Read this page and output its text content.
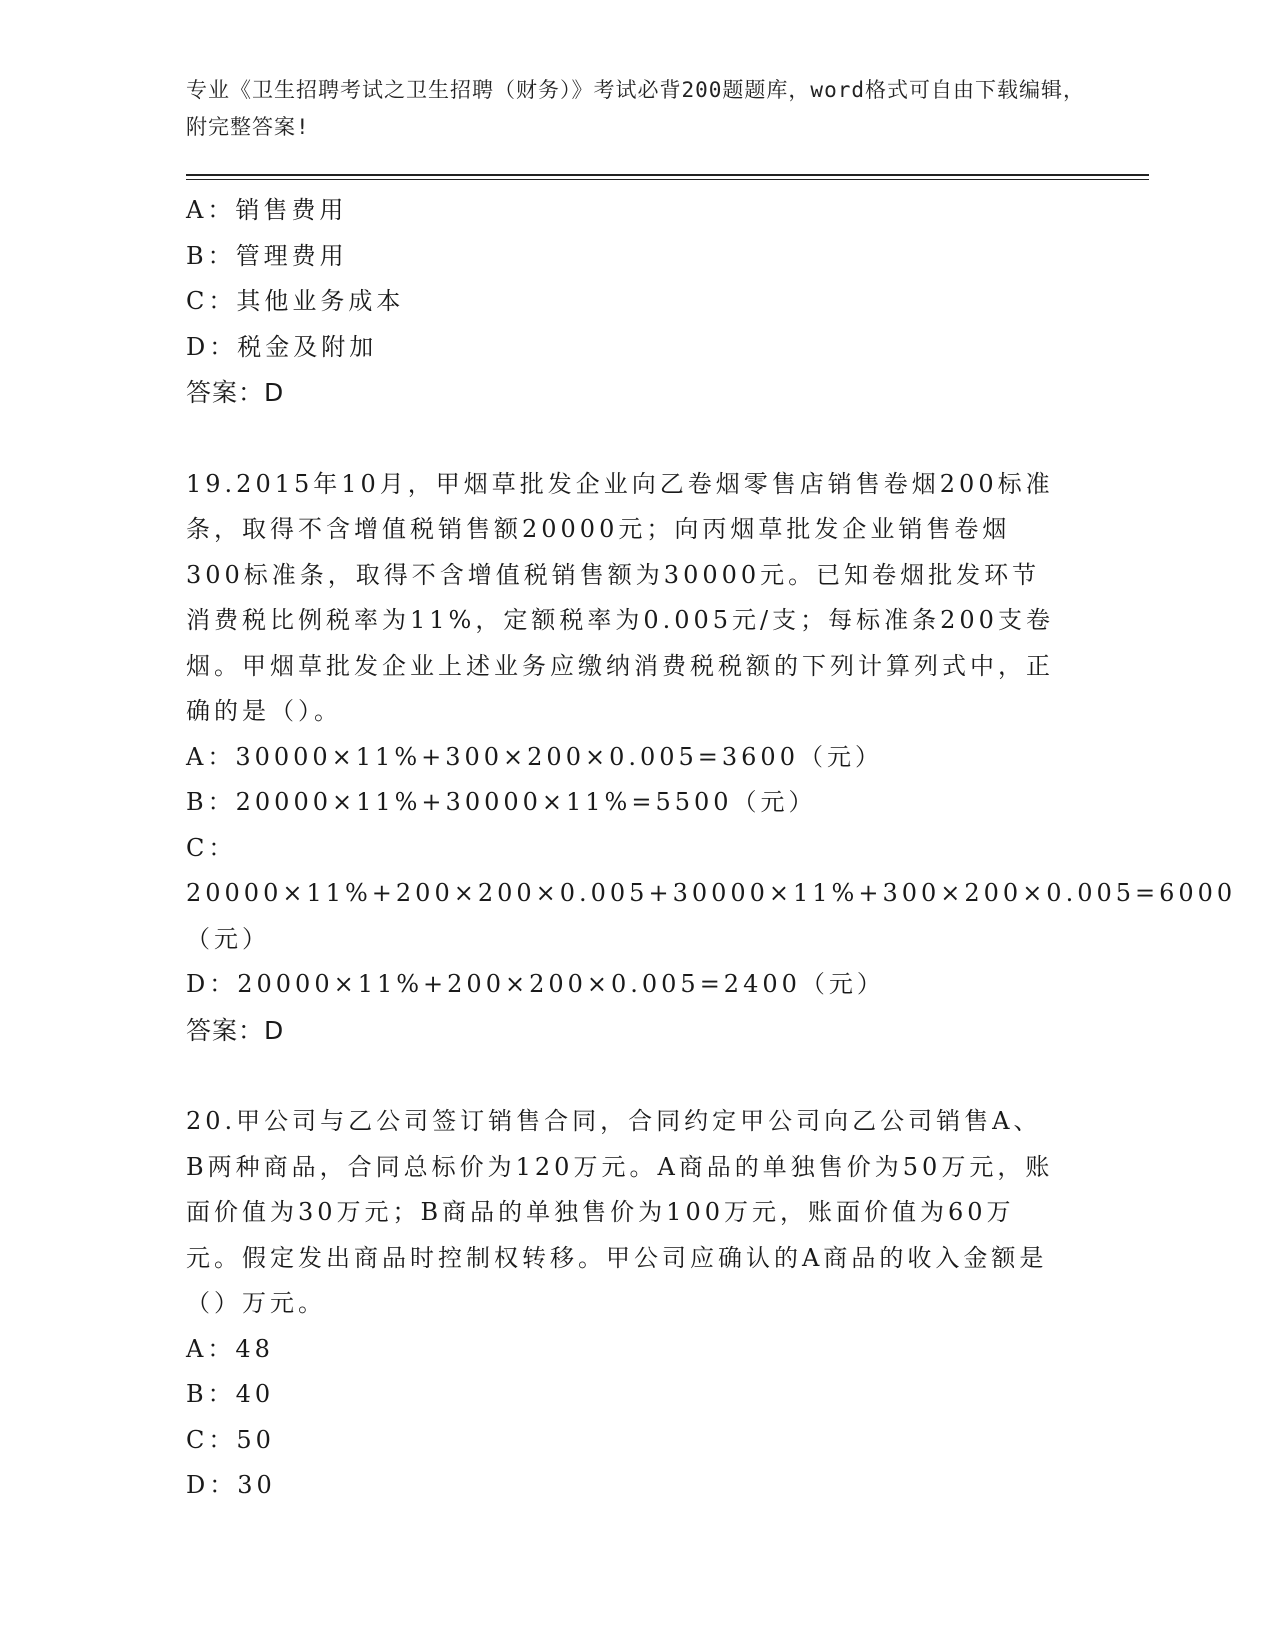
专业《卫生招聘考试之卫生招聘（财务）》考试必背200题题库，word格式可自由下载编辑，附完整答案!
A：销售费用
B：管理费用
C：其他业务成本
D：税金及附加
答案：D
19.2015年10月，甲烟草批发企业向乙卷烟零售店销售卷烟200标准条，取得不含增值税销售额20000元；向丙烟草批发企业销售卷烟300标准条，取得不含增值税销售额为30000元。已知卷烟批发环节消费税比例税率为11%，定额税率为0.005元/支；每标准条200支卷烟。甲烟草批发企业上述业务应缴纳消费税税额的下列计算列式中，正确的是（）。
A：30000×11%+300×200×0.005=3600（元）
B：20000×11%+30000×11%=5500（元）
C：20000×11%+200×200×0.005+30000×11%+300×200×0.005=6000（元）
D：20000×11%+200×200×0.005=2400（元）
答案：D
20.甲公司与乙公司签订销售合同，合同约定甲公司向乙公司销售A、B两种商品，合同总标价为120万元。A商品的单独售价为50万元，账面价值为30万元；B商品的单独售价为100万元，账面价值为60万元。假定发出商品时控制权转移。甲公司应确认的A商品的收入金额是（）万元。
A：48
B：40
C：50
D：30
